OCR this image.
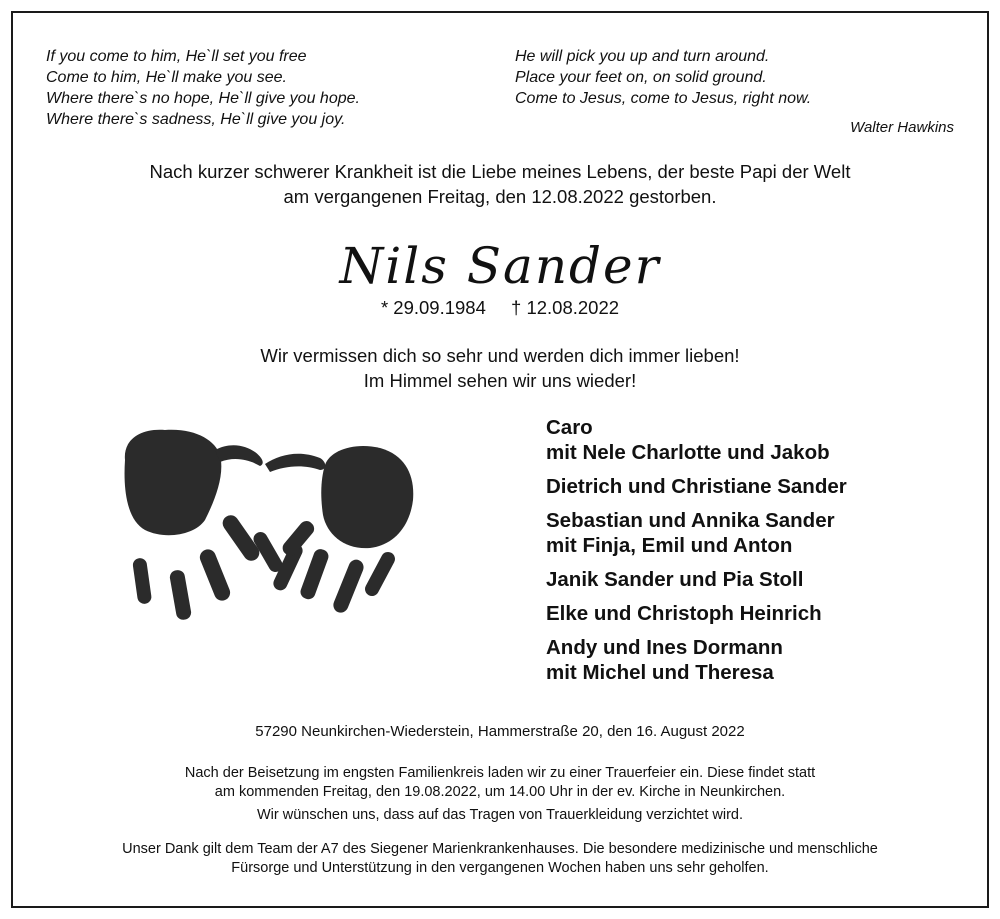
If you come to him, He`ll set you free
Come to him, He`ll make you see.
Where there`s no hope, He`ll give you hope.
Where there`s sadness, He`ll give you joy.
He will pick you up and turn around.
Place your feet on, on solid ground.
Come to Jesus, come to Jesus, right now.
Walter Hawkins
Nach kurzer schwerer Krankheit ist die Liebe meines Lebens, der beste Papi der Welt
am vergangenen Freitag, den 12.08.2022 gestorben.
Nils Sander
* 29.09.1984 † 12.08.2022
Wir vermissen dich so sehr und werden dich immer lieben!
Im Himmel sehen wir uns wieder!
Caro
mit Nele Charlotte und Jakob
Dietrich und Christiane Sander
Sebastian und Annika Sander
mit Finja, Emil und Anton
Janik Sander und Pia Stoll
Elke und Christoph Heinrich
Andy und Ines Dormann
mit Michel und Theresa
57290 Neunkirchen-Wiederstein, Hammerstraße 20, den 16. August 2022
Nach der Beisetzung im engsten Familienkreis laden wir zu einer Trauerfeier ein. Diese findet statt
am kommenden Freitag, den 19.08.2022, um 14.00 Uhr in der ev. Kirche in Neunkirchen.
Wir wünschen uns, dass auf das Tragen von Trauerkleidung verzichtet wird.
Unser Dank gilt dem Team der A7 des Siegener Marienkrankenhauses. Die besondere medizinische und menschliche
Fürsorge und Unterstützung in den vergangenen Wochen haben uns sehr geholfen.
